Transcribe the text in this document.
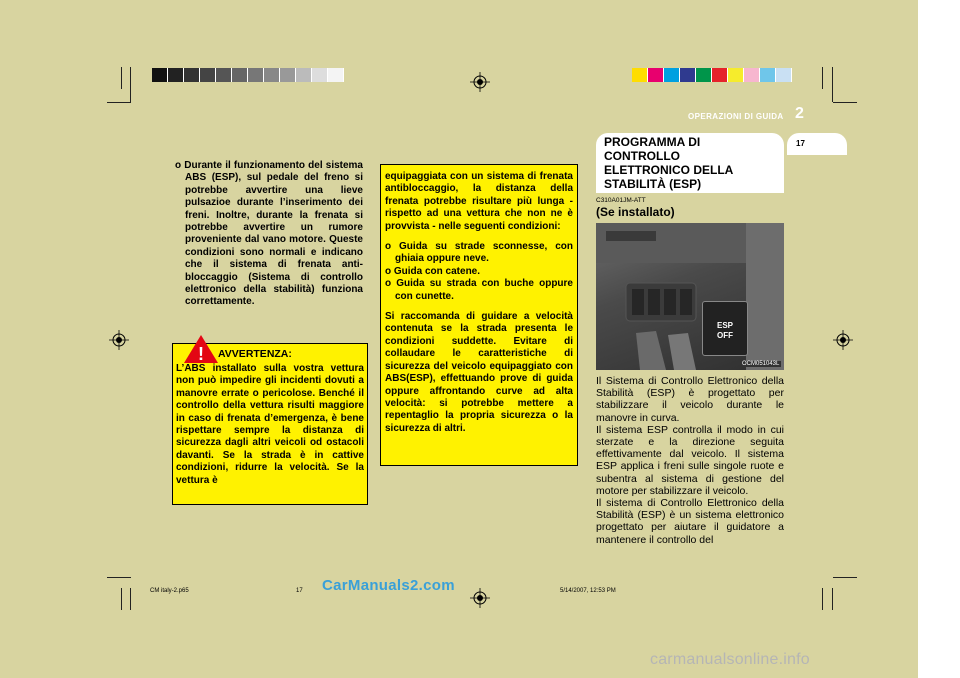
OPERAZIONI DI GUIDA 2
PROGRAMMA DI
CONTROLLO
ELETTRONICO DELLA
STABILITÀ (ESP)
17

o Durante il funzionamento del sistema ABS (ESP), sul pedale del freno si potrebbe avvertire una lieve pulsazioe durante l’inserimento dei freni. Inoltre, durante la frenata si potrebbe avvertire un rumore proveniente dal vano motore. Queste condizioni sono normali e indicano che il sistema di frenata anti-bloccaggio (Sistema di controllo elettronico della stabilità) funziona correttamente.

! AVVERTENZA:

L’ABS installato sulla vostra vettura non può impedire gli incidenti dovuti a manovre errate o pericolose. Benché il controllo della vettura risulti maggiore in caso di frenata d’emergenza, è bene rispettare sempre la distanza di sicurezza dagli altri veicoli od ostacoli davanti. Se la strada è in cattive condizioni, ridurre la velocità. Se la vettura è

equipaggiata con un sistema di frenata antibloccaggio, la distanza della frenata potrebbe risultare più lunga - rispetto ad una vettura che non ne è provvista - nelle seguenti condizioni:

o Guida su strade sconnesse, con ghiaia oppure neve.

o Guida con catene.

o Guida su strada con buche oppure con cunette.

Si raccomanda di guidare a velocità contenuta se la strada presenta le condizioni suddette. Evitare di collaudare le caratteristiche di sicurezza del veicolo equipaggiato con ABS(ESP), effettuando prove di guida oppure affrontando curve ad alta velocità: si potrebbe mettere a repentaglio la propria sicurezza o la sicurezza di altri.

C310A01JM-ATT
(Se installato)
ESP
OFF
OCM051043L

Il Sistema di Controllo Elettronico della Stabilità (ESP) è progettato per stabilizzare il veicolo durante le manovre in curva.

Il sistema ESP controlla il modo in cui sterzate e la direzione seguita effettivamente dal veicolo. Il sistema ESP applica i freni sulle singole ruote e subentra al sistema di gestione del motore per stabilizzare il veicolo.

Il sistema di Controllo Elettronico della Stabilità (ESP) è un sistema elettronico progettato per aiutare il guidatore a mantenere il controllo del

CM italy-2.p65	17	5/14/2007, 12:53 PM
CarManuals2.com
carmanualsonline.info
